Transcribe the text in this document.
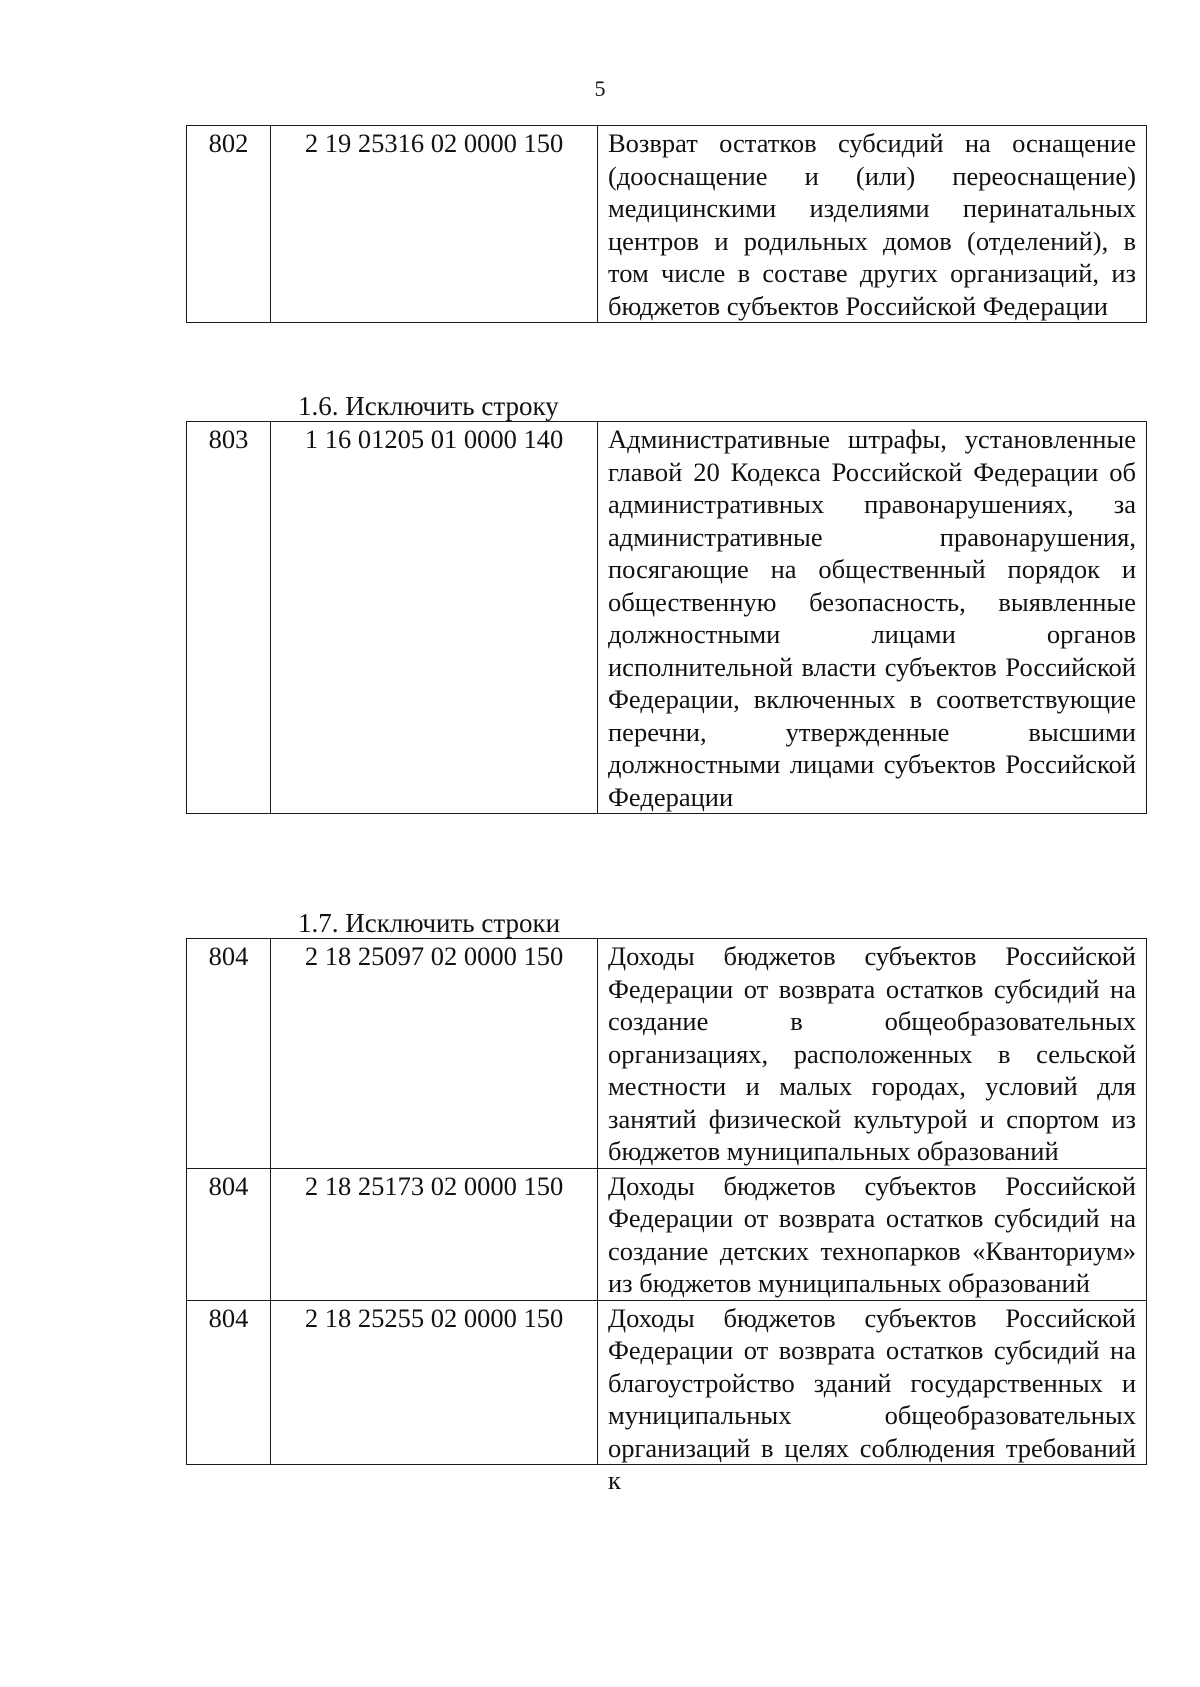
5
802	2 19 25316 02 0000 150	Возврат остатков субсидий на оснащение (дооснащение и (или) переоснащение) медицинскими изделиями перинатальных центров и родильных домов (отделений), в том числе в составе других организаций, из бюджетов субъектов Российской Федерации
1.6. Исключить строку
803	1 16 01205 01 0000 140	Административные штрафы, установленные главой 20 Кодекса Российской Федерации об административных правонарушениях, за административные правонарушения, посягающие на общественный порядок и общественную безопасность, выявленные должностными лицами органов исполнительной власти субъектов Российской Федерации, включенных в соответствующие перечни, утвержденные высшими должностными лицами субъектов Российской Федерации
1.7. Исключить строки
804	2 18 25097 02 0000 150	Доходы бюджетов субъектов Российской Федерации от возврата остатков субсидий на создание в общеобразовательных организациях, расположенных в сельской местности и малых городах, условий для занятий физической культурой и спортом из бюджетов муниципальных образований
804	2 18 25173 02 0000 150	Доходы бюджетов субъектов Российской Федерации от возврата остатков субсидий на создание детских технопарков «Кванториум» из бюджетов муниципальных образований
804	2 18 25255 02 0000 150	Доходы бюджетов субъектов Российской Федерации от возврата остатков субсидий на благоустройство зданий государственных и муниципальных общеобразовательных организаций в целях соблюдения требований к
